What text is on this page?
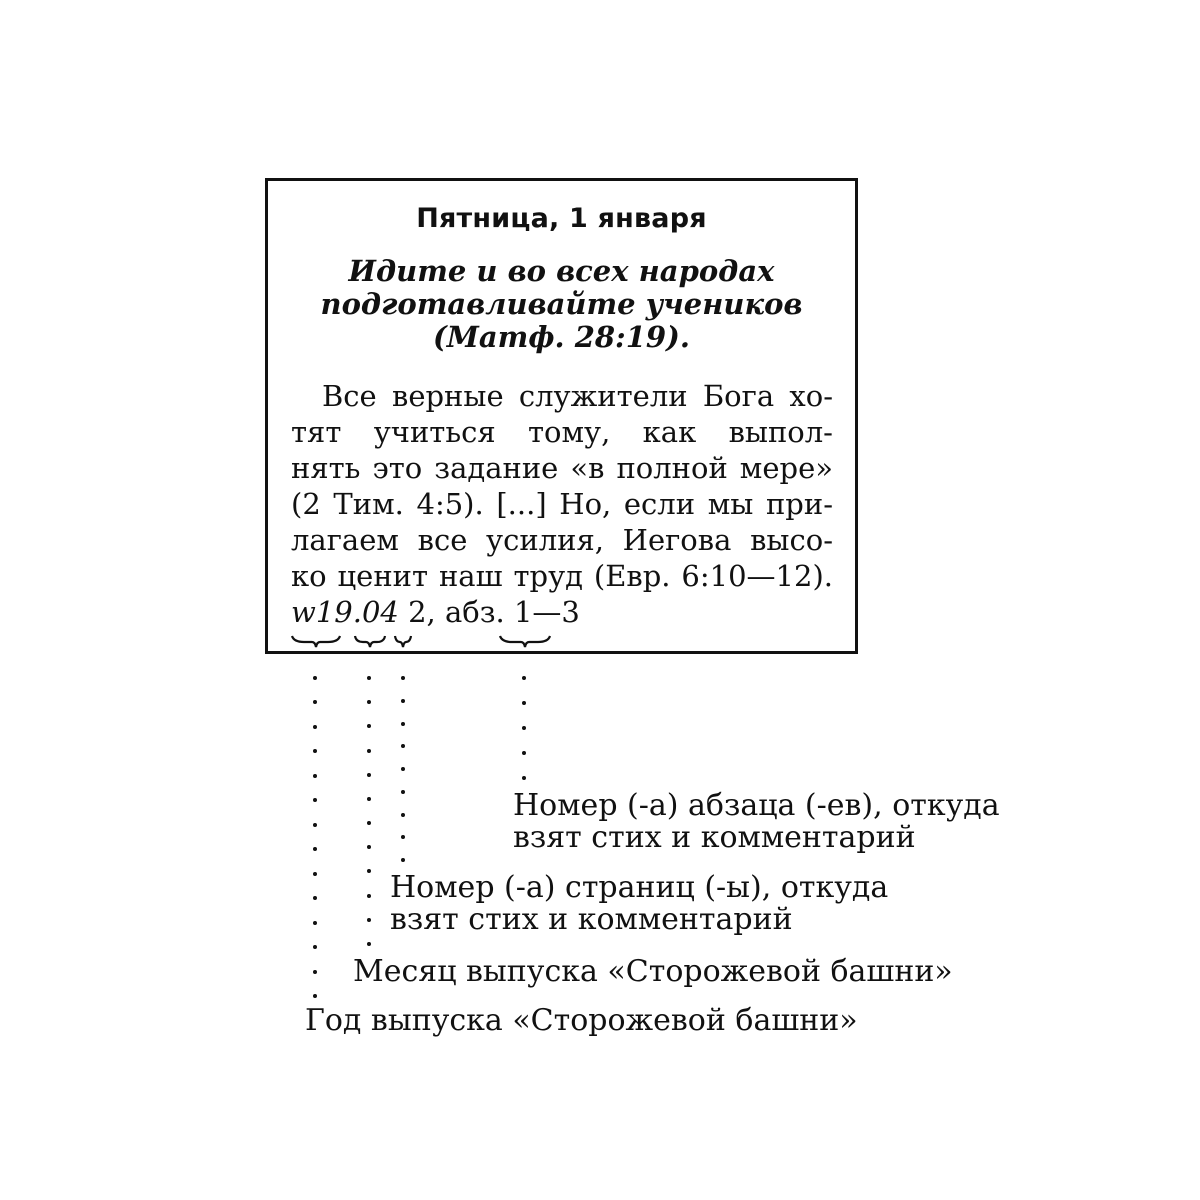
Пятница, 1 января
Идите и во всех народах
подготавливайте учеников
(Матф. 28:19).
Все верные служители Бога хо-
тят учиться тому, как выпол-
нять это задание «в полной мере»
(2 Тим. 4:5). [...] Но, если мы при-
лагаем все усилия, Иегова высо-
ко ценит наш труд (Евр. 6:10—12).
w19.04 2, абз. 1—3
Номер (-а) абзаца (-ев), откуда
взят стих и комментарий
Номер (-а) страниц (-ы), откуда
взят стих и комментарий
Месяц выпуска «Сторожевой башни»
Год выпуска «Сторожевой башни»
